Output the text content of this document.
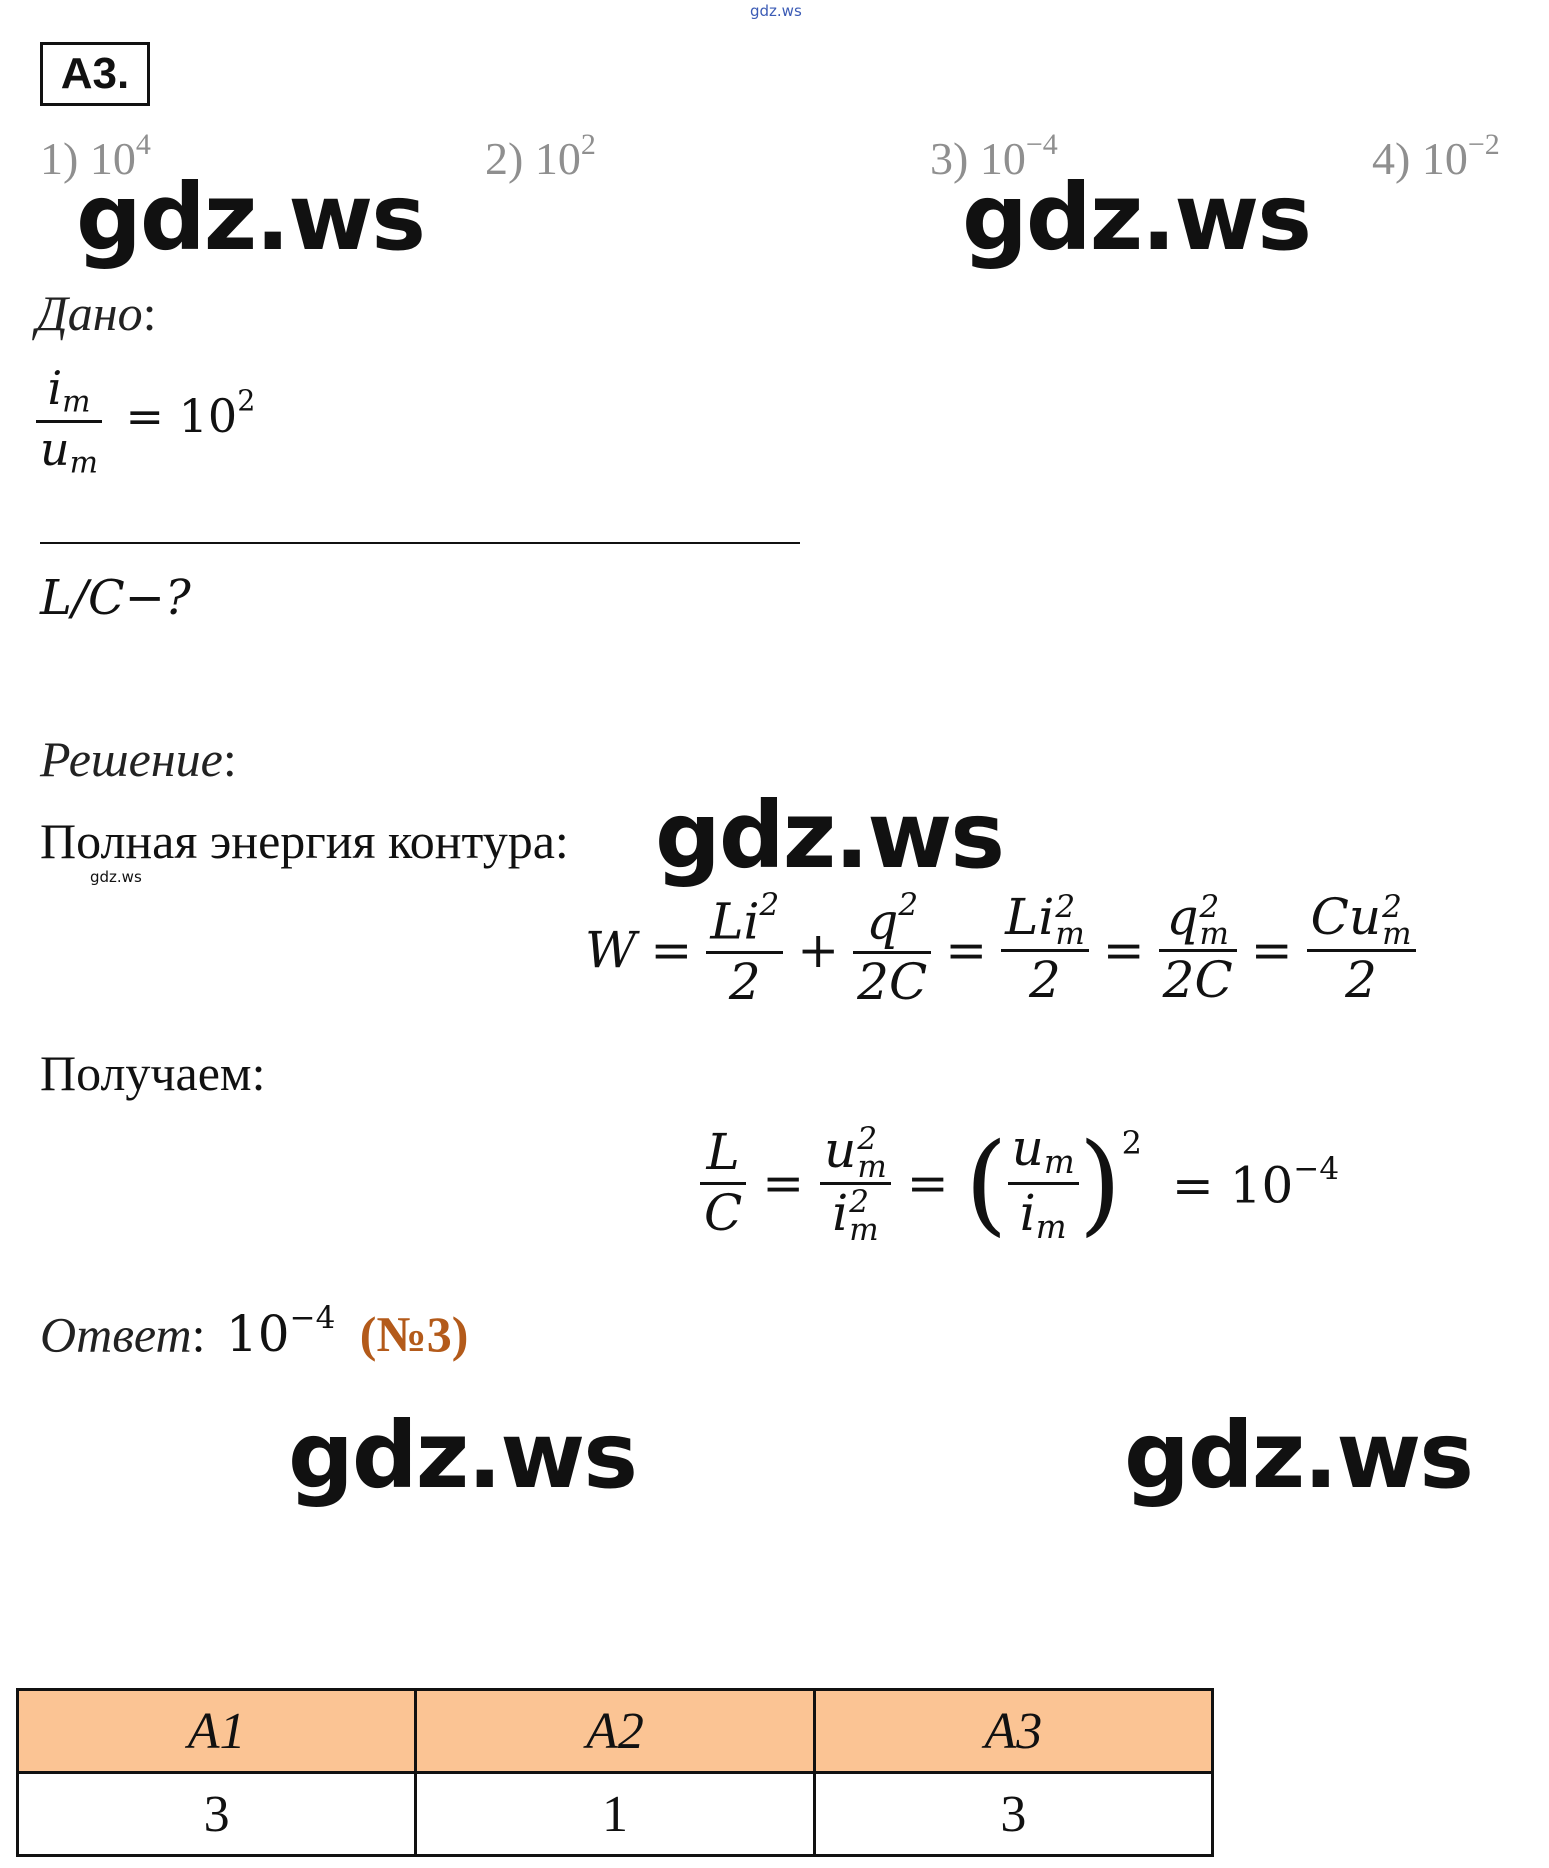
gdz.ws
А3.
1) $10^4$	2) $10^2$	3) $10^{-4}$	4) $10^{-2}$
gdz.ws	gdz.ws
Дано:
$\frac{i_m}{u_m} = 10^2$
L/C−?
Решение:
Полная энергия контура: gdz.ws
gdz.ws
$W = \frac{Li^2}{2} + \frac{q^2}{2C} = Li$ 2
m
2 = q 2
m
2C = Cu 2
m
2
Получаем:
$\frac{L}{C} = u$ 2
m
i 2
m = ( $\frac{u_m}{i_m}$ ) 2
= $10^{-4}$
Ответ: $10^{-4}$ (№3)
gdz.ws	gdz.ws
A1	A2	A3
3	1	3
